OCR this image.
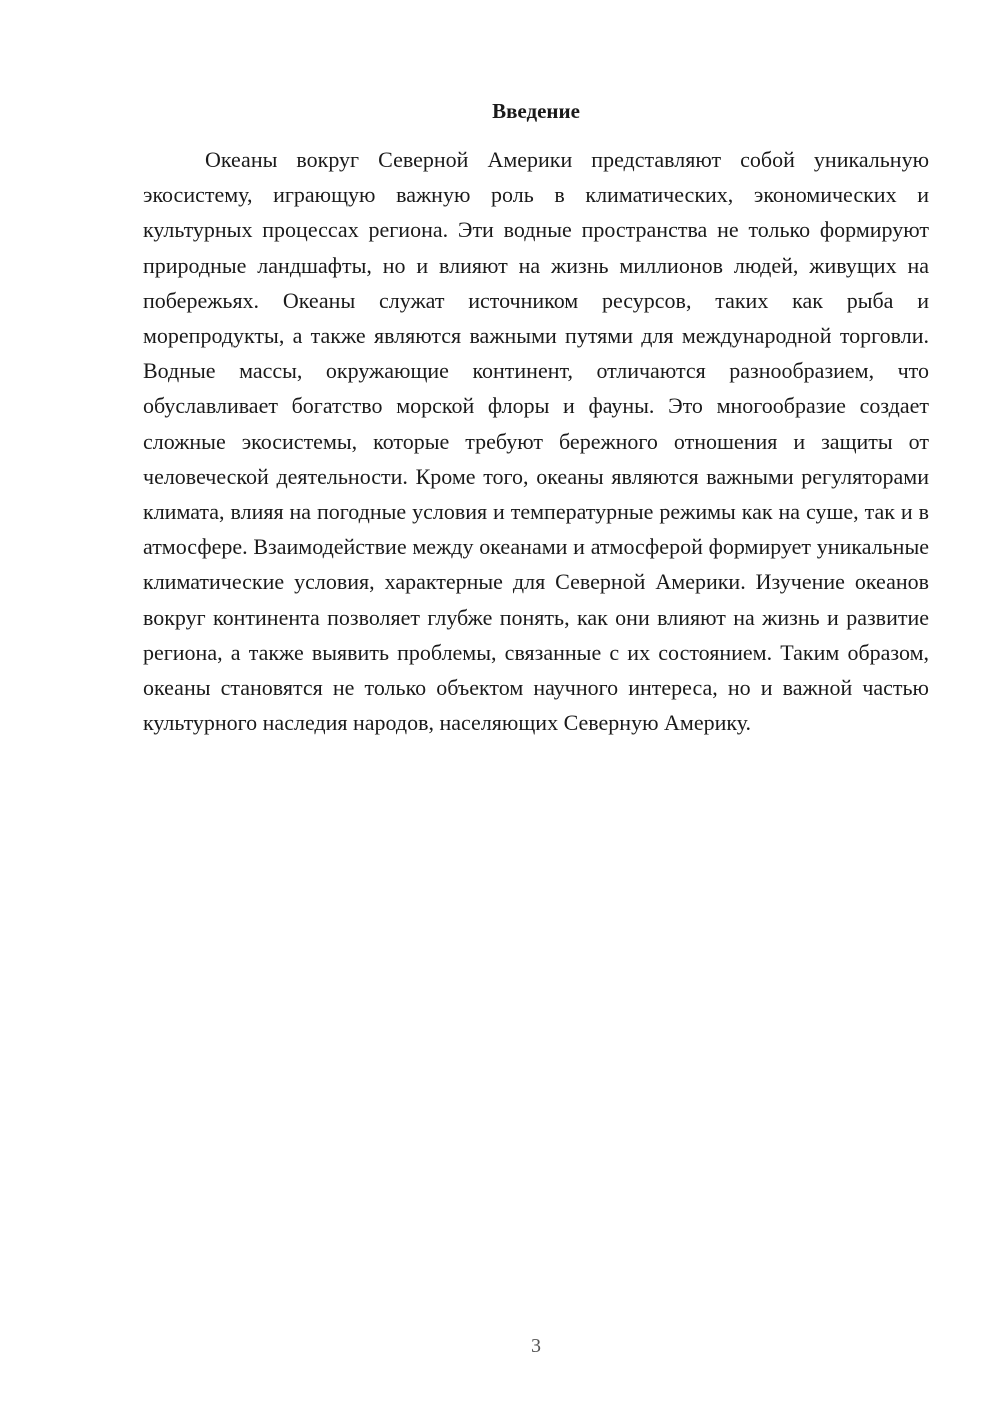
Введение

Океаны вокруг Северной Америки представляют собой уникальную экосистему, играющую важную роль в климатических, экономических и культурных процессах региона. Эти водные пространства не только формируют природные ландшафты, но и влияют на жизнь миллионов людей, живущих на побережьях. Океаны служат источником ресурсов, таких как рыба и морепродукты, а также являются важными путями для международной торговли. Водные массы, окружающие континент, отличаются разнообразием, что обуславливает богатство морской флоры и фауны. Это многообразие создает сложные экосистемы, которые требуют бережного отношения и защиты от человеческой деятельности. Кроме того, океаны являются важными регуляторами климата, влияя на погодные условия и температурные режимы как на суше, так и в атмосфере. Взаимодействие между океанами и атмосферой формирует уникальные климатические условия, характерные для Северной Америки. Изучение океанов вокруг континента позволяет глубже понять, как они влияют на жизнь и развитие региона, а также выявить проблемы, связанные с их состоянием. Таким образом, океаны становятся не только объектом научного интереса, но и важной частью культурного наследия народов, населяющих Северную Америку.

3
